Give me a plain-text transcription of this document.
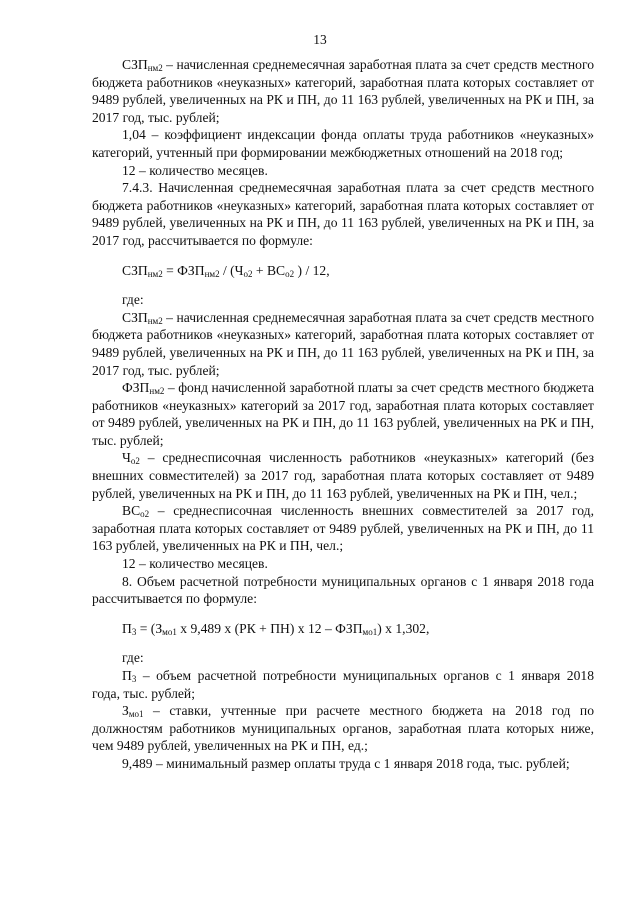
13

$СЗП_{нм2}$ – начисленная среднемесячная заработная плата за счет средств местного бюджета работников «неуказных» категорий, заработная плата которых составляет от 9489 рублей, увеличенных на РК и ПН, до 11 163 рублей, увеличенных на РК и ПН, за 2017 год, тыс. рублей;

1,04 – коэффициент индексации фонда оплаты труда работников «неуказных» категорий, учтенный при формировании межбюджетных отношений на 2018 год;

12 – количество месяцев.

7.4.3. Начисленная среднемесячная заработная плата за счет средств местного бюджета работников «неуказных» категорий, заработная плата которых составляет от 9489 рублей, увеличенных на РК и ПН, до 11 163 рублей, увеличенных на РК и ПН, за 2017 год, рассчитывается по формуле:

$СЗП_{нм2} = ФЗП_{нм2} / (Ч_{о2} + ВС_{о2}$ ) / 12,

где:

$СЗП_{нм2}$ – начисленная среднемесячная заработная плата за счет средств местного бюджета работников «неуказных» категорий, заработная плата которых составляет от 9489 рублей, увеличенных на РК и ПН, до 11 163 рублей, увеличенных на РК и ПН, за 2017 год, тыс. рублей;

$ФЗП_{нм2}$ – фонд начисленной заработной платы за счет средств местного бюджета работников «неуказных» категорий за 2017 год, заработная плата которых составляет от 9489 рублей, увеличенных на РК и ПН, до 11 163 рублей, увеличенных на РК и ПН, тыс. рублей;

$Ч_{о2}$ – среднесписочная численность работников «неуказных» категорий (без внешних совместителей) за 2017 год, заработная плата которых составляет от 9489 рублей, увеличенных на РК и ПН, до 11 163 рублей, увеличенных на РК и ПН, чел.;

$ВС_{о2}$ – среднесписочная численность внешних совместителей за 2017 год, заработная плата которых составляет от 9489 рублей, увеличенных на РК и ПН, до 11 163 рублей, увеличенных на РК и ПН, чел.;

12 – количество месяцев.

8. Объем расчетной потребности муниципальных органов с 1 января 2018 года рассчитывается по формуле:

$П_3 = (З_{мо1}$ х 9,489 х (РК + ПН) х $12 - ФЗП_{мо1}$) х 1,302,

где:

$П_3$ – объем расчетной потребности муниципальных органов с 1 января 2018 года, тыс. рублей;

$З_{мо1}$ – ставки, учтенные при расчете местного бюджета на 2018 год по должностям работников муниципальных органов, заработная плата которых ниже, чем 9489 рублей, увеличенных на РК и ПН, ед.;

9,489 – минимальный размер оплаты труда с 1 января 2018 года, тыс. рублей;
